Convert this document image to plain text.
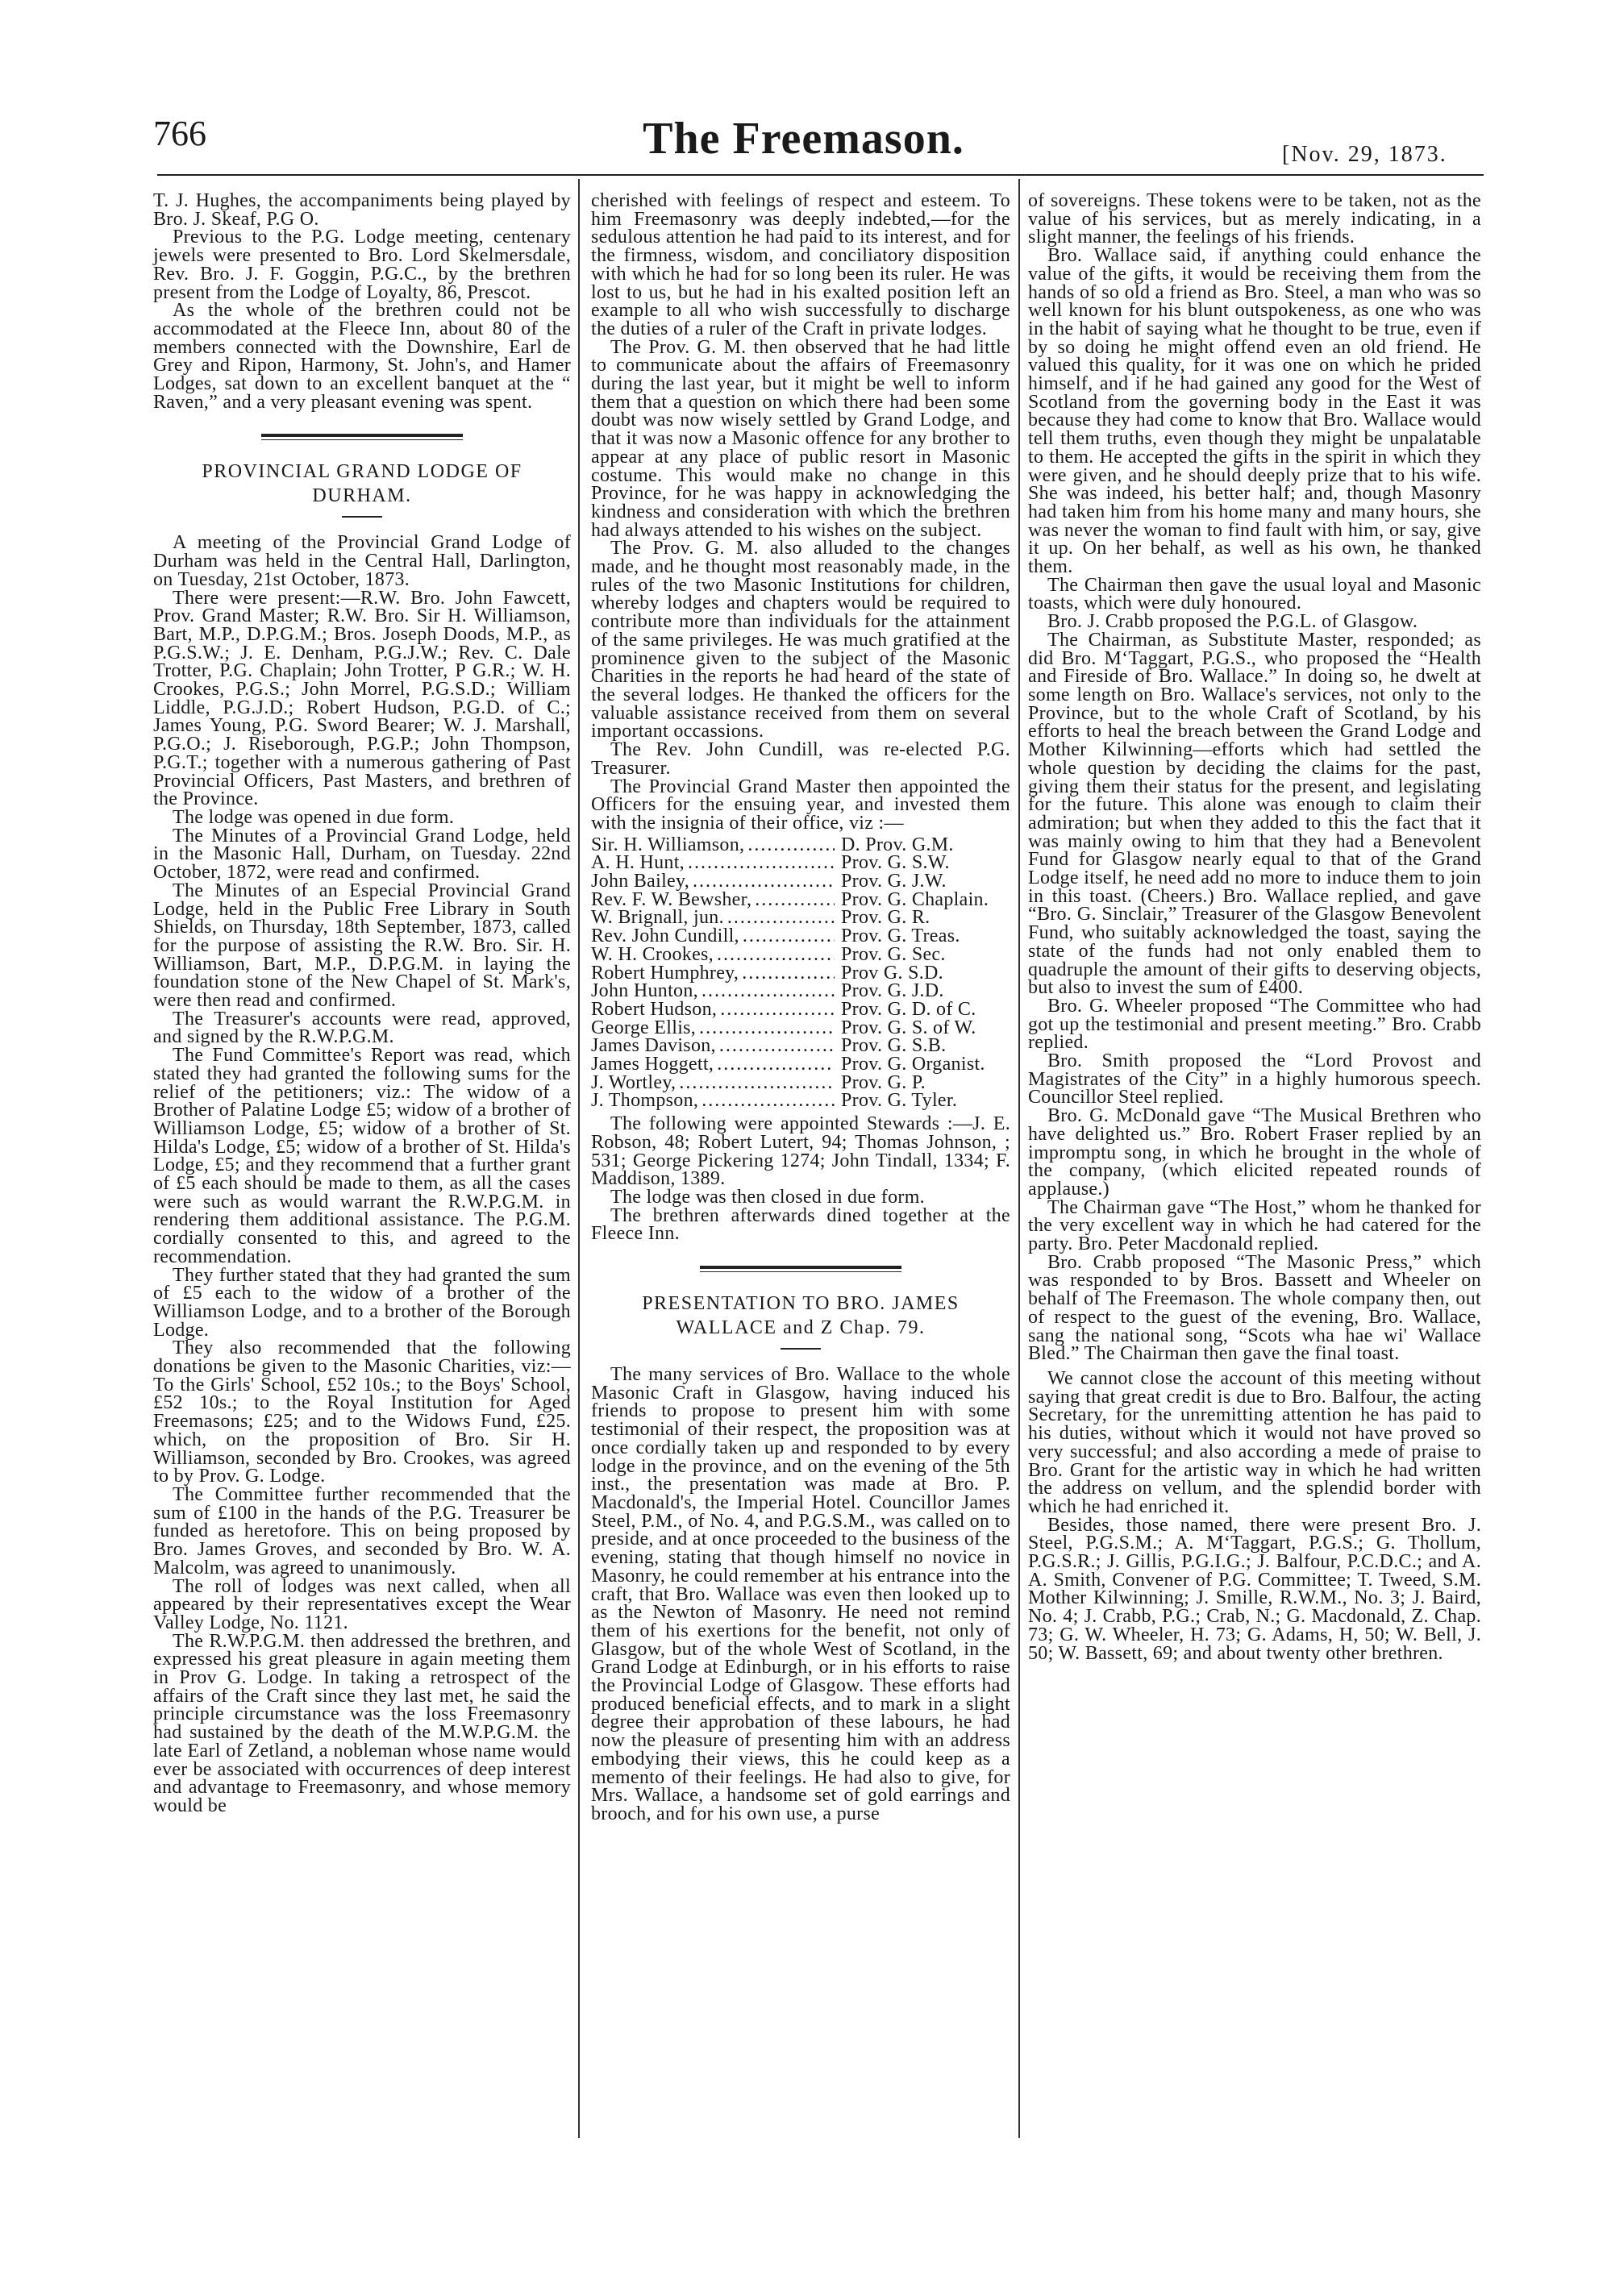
766	The Freemason.	[Nov. 29, 1873.

T. J. Hughes, the accompaniments being played by Bro. J. Skeaf, P.G O.

Previous to the P.G. Lodge meeting, centenary jewels were presented to Bro. Lord Skelmersdale, Rev. Bro. J. F. Goggin, P.G.C., by the brethren present from the Lodge of Loyalty, 86, Prescot.

As the whole of the brethren could not be accommodated at the Fleece Inn, about 80 of the members connected with the Downshire, Earl de Grey and Ripon, Harmony, St. John's, and Hamer Lodges, sat down to an excellent banquet at the “ Raven,” and a very pleasant evening was spent.

PROVINCIAL GRAND LODGE OF DURHAM.

A meeting of the Provincial Grand Lodge of Durham was held in the Central Hall, Darlington, on Tuesday, 21st October, 1873.

There were present:—R.W. Bro. John Fawcett, Prov. Grand Master; R.W. Bro. Sir H. Williamson, Bart, M.P., D.P.G.M.; Bros. Joseph Doods, M.P., as P.G.S.W.; J. E. Denham, P.G.J.W.; Rev. C. Dale Trotter, P.G. Chaplain; John Trotter, P G.R.; W. H. Crookes, P.G.S.; John Morrel, P.G.S.D.; William Liddle, P.G.J.D.; Robert Hudson, P.G.D. of C.; James Young, P.G. Sword Bearer; W. J. Marshall, P.G.O.; J. Riseborough, P.G.P.; John Thompson, P.G.T.; together with a numerous gathering of Past Provincial Officers, Past Masters, and brethren of the Province.

The lodge was opened in due form.

The Minutes of a Provincial Grand Lodge, held in the Masonic Hall, Durham, on Tuesday. 22nd October, 1872, were read and confirmed.

The Minutes of an Especial Provincial Grand Lodge, held in the Public Free Library in South Shields, on Thursday, 18th September, 1873, called for the purpose of assisting the R.W. Bro. Sir. H. Williamson, Bart, M.P., D.P.G.M. in laying the foundation stone of the New Chapel of St. Mark's, were then read and confirmed.

The Treasurer's accounts were read, approved, and signed by the R.W.P.G.M.

The Fund Committee's Report was read, which stated they had granted the following sums for the relief of the petitioners; viz.: The widow of a Brother of Palatine Lodge £5; widow of a brother of Williamson Lodge, £5; widow of a brother of St. Hilda's Lodge, £5; widow of a brother of St. Hilda's Lodge, £5; and they recommend that a further grant of £5 each should be made to them, as all the cases were such as would warrant the R.W.P.G.M. in rendering them additional assistance. The P.G.M. cordially consented to this, and agreed to the recommendation.

They further stated that they had granted the sum of £5 each to the widow of a brother of the Williamson Lodge, and to a brother of the Borough Lodge.

They also recommended that the following donations be given to the Masonic Charities, viz:—To the Girls' School, £52 10s.; to the Boys' School, £52 10s.; to the Royal Institution for Aged Freemasons; £25; and to the Widows Fund, £25. which, on the proposition of Bro. Sir H. Williamson, seconded by Bro. Crookes, was agreed to by Prov. G. Lodge.

The Committee further recommended that the sum of £100 in the hands of the P.G. Treasurer be funded as heretofore. This on being proposed by Bro. James Groves, and seconded by Bro. W. A. Malcolm, was agreed to unanimously.

The roll of lodges was next called, when all appeared by their representatives except the Wear Valley Lodge, No. 1121.

The R.W.P.G.M. then addressed the brethren, and expressed his great pleasure in again meeting them in Prov G. Lodge. In taking a retrospect of the affairs of the Craft since they last met, he said the principle circumstance was the loss Freemasonry had sustained by the death of the M.W.P.G.M. the late Earl of Zetland, a nobleman whose name would ever be associated with occurrences of deep interest and advantage to Freemasonry, and whose memory would be

cherished with feelings of respect and esteem. To him Freemasonry was deeply indebted,—for the sedulous attention he had paid to its interest, and for the firmness, wisdom, and conciliatory disposition with which he had for so long been its ruler. He was lost to us, but he had in his exalted position left an example to all who wish successfully to discharge the duties of a ruler of the Craft in private lodges.

The Prov. G. M. then observed that he had little to communicate about the affairs of Freemasonry during the last year, but it might be well to inform them that a question on which there had been some doubt was now wisely settled by Grand Lodge, and that it was now a Masonic offence for any brother to appear at any place of public resort in Masonic costume. This would make no change in this Province, for he was happy in acknowledging the kindness and consideration with which the brethren had always attended to his wishes on the subject.

The Prov. G. M. also alluded to the changes made, and he thought most reasonably made, in the rules of the two Masonic Institutions for children, whereby lodges and chapters would be required to contribute more than individuals for the attainment of the same privileges. He was much gratified at the prominence given to the subject of the Masonic Charities in the reports he had heard of the state of the several lodges. He thanked the officers for the valuable assistance received from them on several important occassions.

The Rev. John Cundill, was re-elected P.G. Treasurer.

The Provincial Grand Master then appointed the Officers for the ensuing year, and invested them with the insignia of their office, viz :—

Sir. H. Williamson, .....	D. Prov. G.M.
A. H. Hunt, .....	Prov. G. S.W.
John Bailey, .....	Prov. G. J.W.
Rev. F. W. Bewsher, .....	Prov. G. Chaplain.
W. Brignall, jun. .....	Prov. G. R.
Rev. John Cundill, .....	Prov. G. Treas.
W. H. Crookes, .....	Prov. G. Sec.
Robert Humphrey, .....	Prov G. S.D.
John Hunton, .....	Prov. G. J.D.
Robert Hudson, .....	Prov. G. D. of C.
George Ellis, .....	Prov. G. S. of W.
James Davison, .....	Prov. G. S.B.
James Hoggett, .....	Prov. G. Organist.
J. Wortley, .....	Prov. G. P.
J. Thompson, .....	Prov. G. Tyler.

The following were appointed Stewards :—J. E. Robson, 48; Robert Lutert, 94; Thomas Johnson, ; 531; George Pickering 1274; John Tindall, 1334; F. Maddison, 1389.

The lodge was then closed in due form.

The brethren afterwards dined together at the Fleece Inn.

PRESENTATION TO BRO. JAMES WALLACE and Z Chap. 79.

The many services of Bro. Wallace to the whole Masonic Craft in Glasgow, having induced his friends to propose to present him with some testimonial of their respect, the proposition was at once cordially taken up and responded to by every lodge in the province, and on the evening of the 5th inst., the presentation was made at Bro. P. Macdonald's, the Imperial Hotel. Councillor James Steel, P.M., of No. 4, and P.G.S.M., was called on to preside, and at once proceeded to the business of the evening, stating that though himself no novice in Masonry, he could remember at his entrance into the craft, that Bro. Wallace was even then looked up to as the Newton of Masonry. He need not remind them of his exertions for the benefit, not only of Glasgow, but of the whole West of Scotland, in the Grand Lodge at Edinburgh, or in his efforts to raise the Provincial Lodge of Glasgow. These efforts had produced beneficial effects, and to mark in a slight degree their approbation of these labours, he had now the pleasure of presenting him with an address embodying their views, this he could keep as a memento of their feelings. He had also to give, for Mrs. Wallace, a handsome set of gold earrings and brooch, and for his own use, a purse

of sovereigns. These tokens were to be taken, not as the value of his services, but as merely indicating, in a slight manner, the feelings of his friends.

Bro. Wallace said, if anything could enhance the value of the gifts, it would be receiving them from the hands of so old a friend as Bro. Steel, a man who was so well known for his blunt outspokeness, as one who was in the habit of saying what he thought to be true, even if by so doing he might offend even an old friend. He valued this quality, for it was one on which he prided himself, and if he had gained any good for the West of Scotland from the governing body in the East it was because they had come to know that Bro. Wallace would tell them truths, even though they might be unpalatable to them. He accepted the gifts in the spirit in which they were given, and he should deeply prize that to his wife. She was indeed, his better half; and, though Masonry had taken him from his home many and many hours, she was never the woman to find fault with him, or say, give it up. On her behalf, as well as his own, he thanked them.

The Chairman then gave the usual loyal and Masonic toasts, which were duly honoured.

Bro. J. Crabb proposed the P.G.L. of Glasgow.

The Chairman, as Substitute Master, responded; as did Bro. M‘Taggart, P.G.S., who proposed the “Health and Fireside of Bro. Wallace.” In doing so, he dwelt at some length on Bro. Wallace's services, not only to the Province, but to the whole Craft of Scotland, by his efforts to heal the breach between the Grand Lodge and Mother Kilwinning—efforts which had settled the whole question by deciding the claims for the past, giving them their status for the present, and legislating for the future. This alone was enough to claim their admiration; but when they added to this the fact that it was mainly owing to him that they had a Benevolent Fund for Glasgow nearly equal to that of the Grand Lodge itself, he need add no more to induce them to join in this toast. (Cheers.) Bro. Wallace replied, and gave “Bro. G. Sinclair,” Treasurer of the Glasgow Benevolent Fund, who suitably acknowledged the toast, saying the state of the funds had not only enabled them to quadruple the amount of their gifts to deserving objects, but also to invest the sum of £400.

Bro. G. Wheeler proposed “The Committee who had got up the testimonial and present meeting.” Bro. Crabb replied.

Bro. Smith proposed the “Lord Provost and Magistrates of the City” in a highly humorous speech. Councillor Steel replied.

Bro. G. McDonald gave “The Musical Brethren who have delighted us.” Bro. Robert Fraser replied by an impromptu song, in which he brought in the whole of the company, (which elicited repeated rounds of applause.)

The Chairman gave “The Host,” whom he thanked for the very excellent way in which he had catered for the party. Bro. Peter Macdonald replied.

Bro. Crabb proposed “The Masonic Press,” which was responded to by Bros. Bassett and Wheeler on behalf of The Freemason. The whole company then, out of respect to the guest of the evening, Bro. Wallace, sang the national song, “Scots wha hae wi' Wallace Bled.” The Chairman then gave the final toast.

We cannot close the account of this meeting without saying that great credit is due to Bro. Balfour, the acting Secretary, for the unremitting attention he has paid to his duties, without which it would not have proved so very successful; and also according a mede of praise to Bro. Grant for the artistic way in which he had written the address on vellum, and the splendid border with which he had enriched it.

Besides, those named, there were present Bro. J. Steel, P.G.S.M.; A. M‘Taggart, P.G.S.; G. Thollum, P.G.S.R.; J. Gillis, P.G.I.G.; J. Balfour, P.C.D.C.; and A. A. Smith, Convener of P.G. Committee; T. Tweed, S.M. Mother Kilwinning; J. Smille, R.W.M., No. 3; J. Baird, No. 4; J. Crabb, P.G.; Crab, N.; G. Macdonald, Z. Chap. 73; G. W. Wheeler, H. 73; G. Adams, H, 50; W. Bell, J. 50; W. Bassett, 69; and about twenty other brethren.
